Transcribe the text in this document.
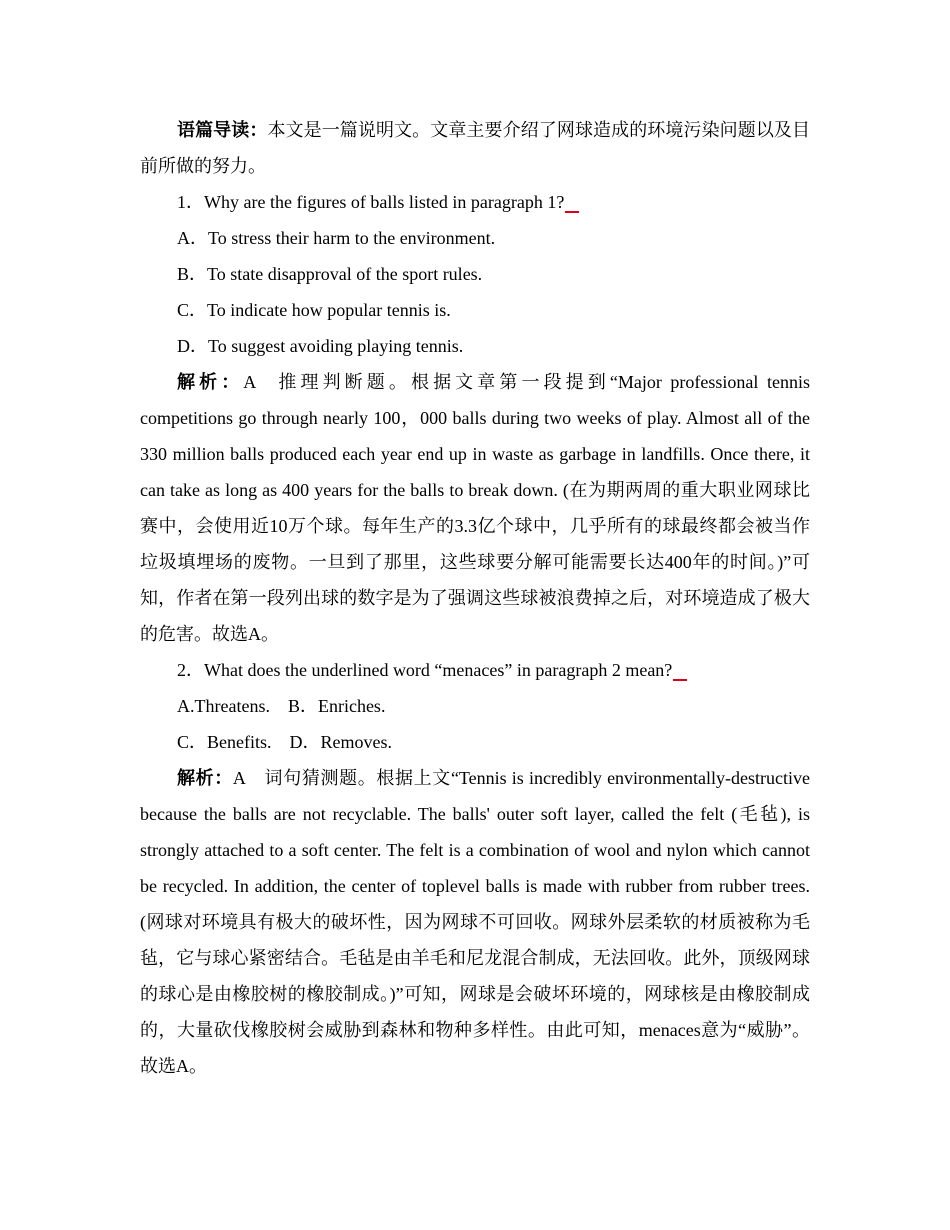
语篇导读：本文是一篇说明文。文章主要介绍了网球造成的环境污染问题以及目前所做的努力。

1．Why are the figures of balls listed in paragraph 1?

A．To stress their harm to the environment.

B．To state disapproval of the sport rules.

C．To indicate how popular tennis is.

D．To suggest avoiding playing tennis.

解析：A 推理判断题。根据文章第一段提到“Major professional tennis competitions go through nearly 100，000 balls during two weeks of play. Almost all of the 330 million balls produced each year end up in waste as garbage in landfills. Once there, it can take as long as 400 years for the balls to break down. (在为期两周的重大职业网球比赛中，会使用近10万个球。每年生产的3.3亿个球中，几乎所有的球最终都会被当作垃圾填埋场的废物。一旦到了那里，这些球要分解可能需要长达400年的时间。)”可知，作者在第一段列出球的数字是为了强调这些球被浪费掉之后，对环境造成了极大的危害。故选A。

2．What does the underlined word “menaces” in paragraph 2 mean?

A.Threatens.　B．Enriches.

C．Benefits.　D．Removes.

解析：A 词句猜测题。根据上文“Tennis is incredibly environmentally-destructive because the balls are not recyclable. The balls' outer soft layer, called the felt (毛毡), is strongly attached to a soft center. The felt is a combination of wool and nylon which cannot be recycled. In addition, the center of toplevel balls is made with rubber from rubber trees. (网球对环境具有极大的破坏性，因为网球不可回收。网球外层柔软的材质被称为毛毡，它与球心紧密结合。毛毡是由羊毛和尼龙混合制成，无法回收。此外，顶级网球的球心是由橡胶树的橡胶制成。)”可知，网球是会破坏环境的，网球核是由橡胶制成的，大量砍伐橡胶树会威胁到森林和物种多样性。由此可知，menaces意为“威胁”。故选A。
